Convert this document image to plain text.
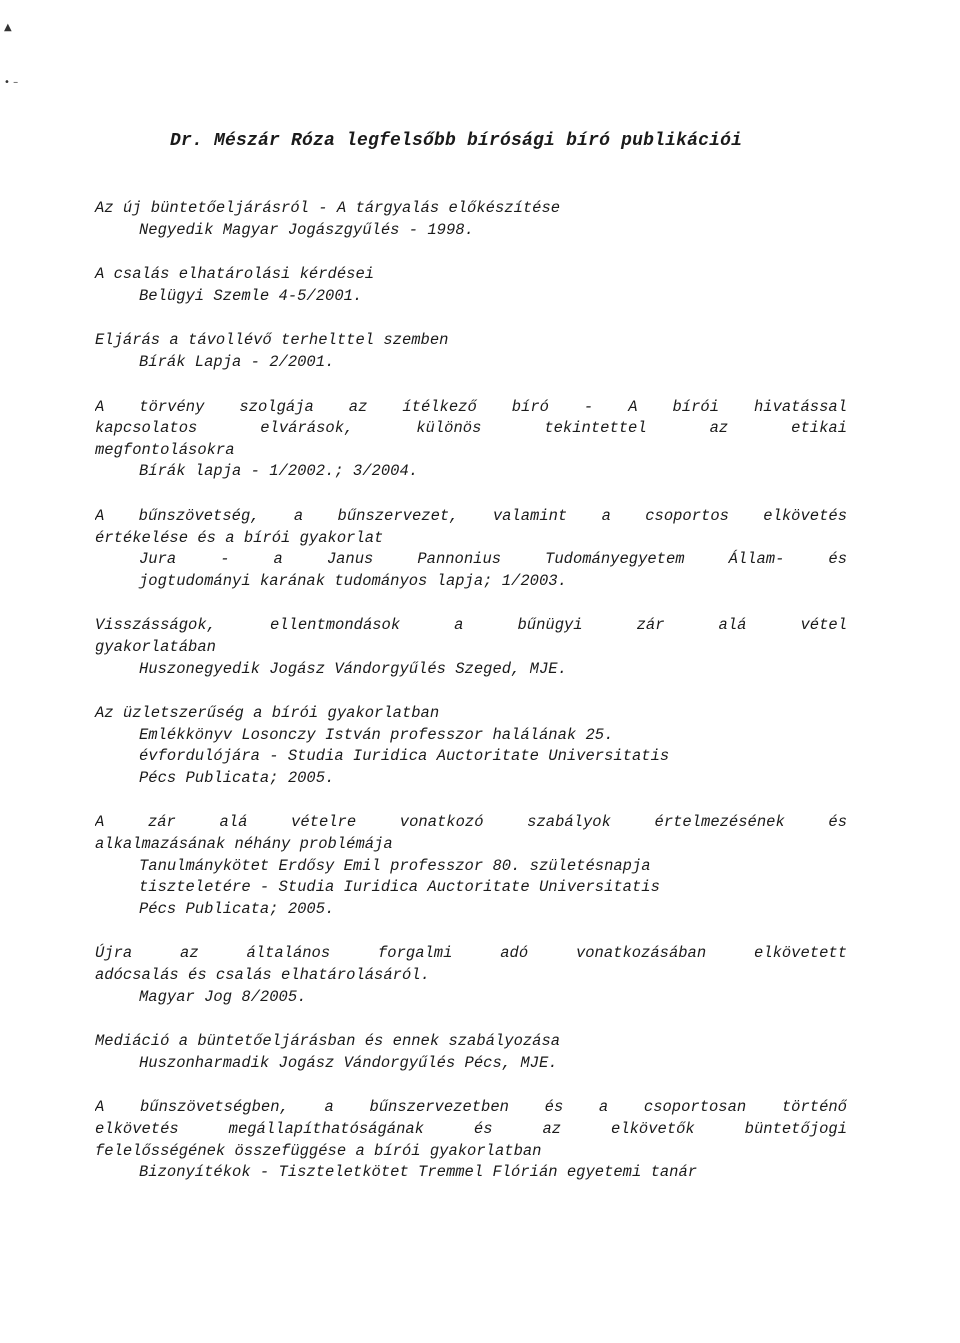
▲
• –
Dr. Mészár Róza legfelsőbb bírósági bíró publikációi
Az új büntetőeljárásról - A tárgyalás előkészítése
Negyedik Magyar Jogászgyűlés - 1998.
A csalás elhatárolási kérdései
Belügyi Szemle 4-5/2001.
Eljárás a távollévő terhelttel szemben
Bírák Lapja - 2/2001.
A törvény szolgája az ítélkező bíró - A bírói hivatással
kapcsolatos elvárások, különös tekintettel az etikai
megfontolásokra
Bírák lapja - 1/2002.; 3/2004.
A bűnszövetség, a bűnszervezet, valamint a csoportos elkövetés
értékelése és a bírói gyakorlat
Jura - a Janus Pannonius Tudományegyetem Állam- és
jogtudományi karának tudományos lapja; 1/2003.
Visszásságok, ellentmondások a bűnügyi zár alá vétel
gyakorlatában
Huszonegyedik Jogász Vándorgyűlés Szeged, MJE.
Az üzletszerűség a bírói gyakorlatban
Emlékkönyv Losonczy István professzor halálának 25.
évfordulójára - Studia Iuridica Auctoritate Universitatis
Pécs Publicata; 2005.
A zár alá vételre vonatkozó szabályok értelmezésének és
alkalmazásának néhány problémája
Tanulmánykötet Erdősy Emil professzor 80. születésnapja
tiszteletére - Studia Iuridica Auctoritate Universitatis
Pécs Publicata; 2005.
Újra az általános forgalmi adó vonatkozásában elkövetett
adócsalás és csalás elhatárolásáról.
Magyar Jog 8/2005.
Mediáció a büntetőeljárásban és ennek szabályozása
Huszonharmadik Jogász Vándorgyűlés Pécs, MJE.
A bűnszövetségben, a bűnszervezetben és a csoportosan történő
elkövetés megállapíthatóságának és az elkövetők büntetőjogi
felelősségének összefüggése a bírói gyakorlatban
Bizonyítékok - Tiszteletkötet Tremmel Flórián egyetemi tanár
